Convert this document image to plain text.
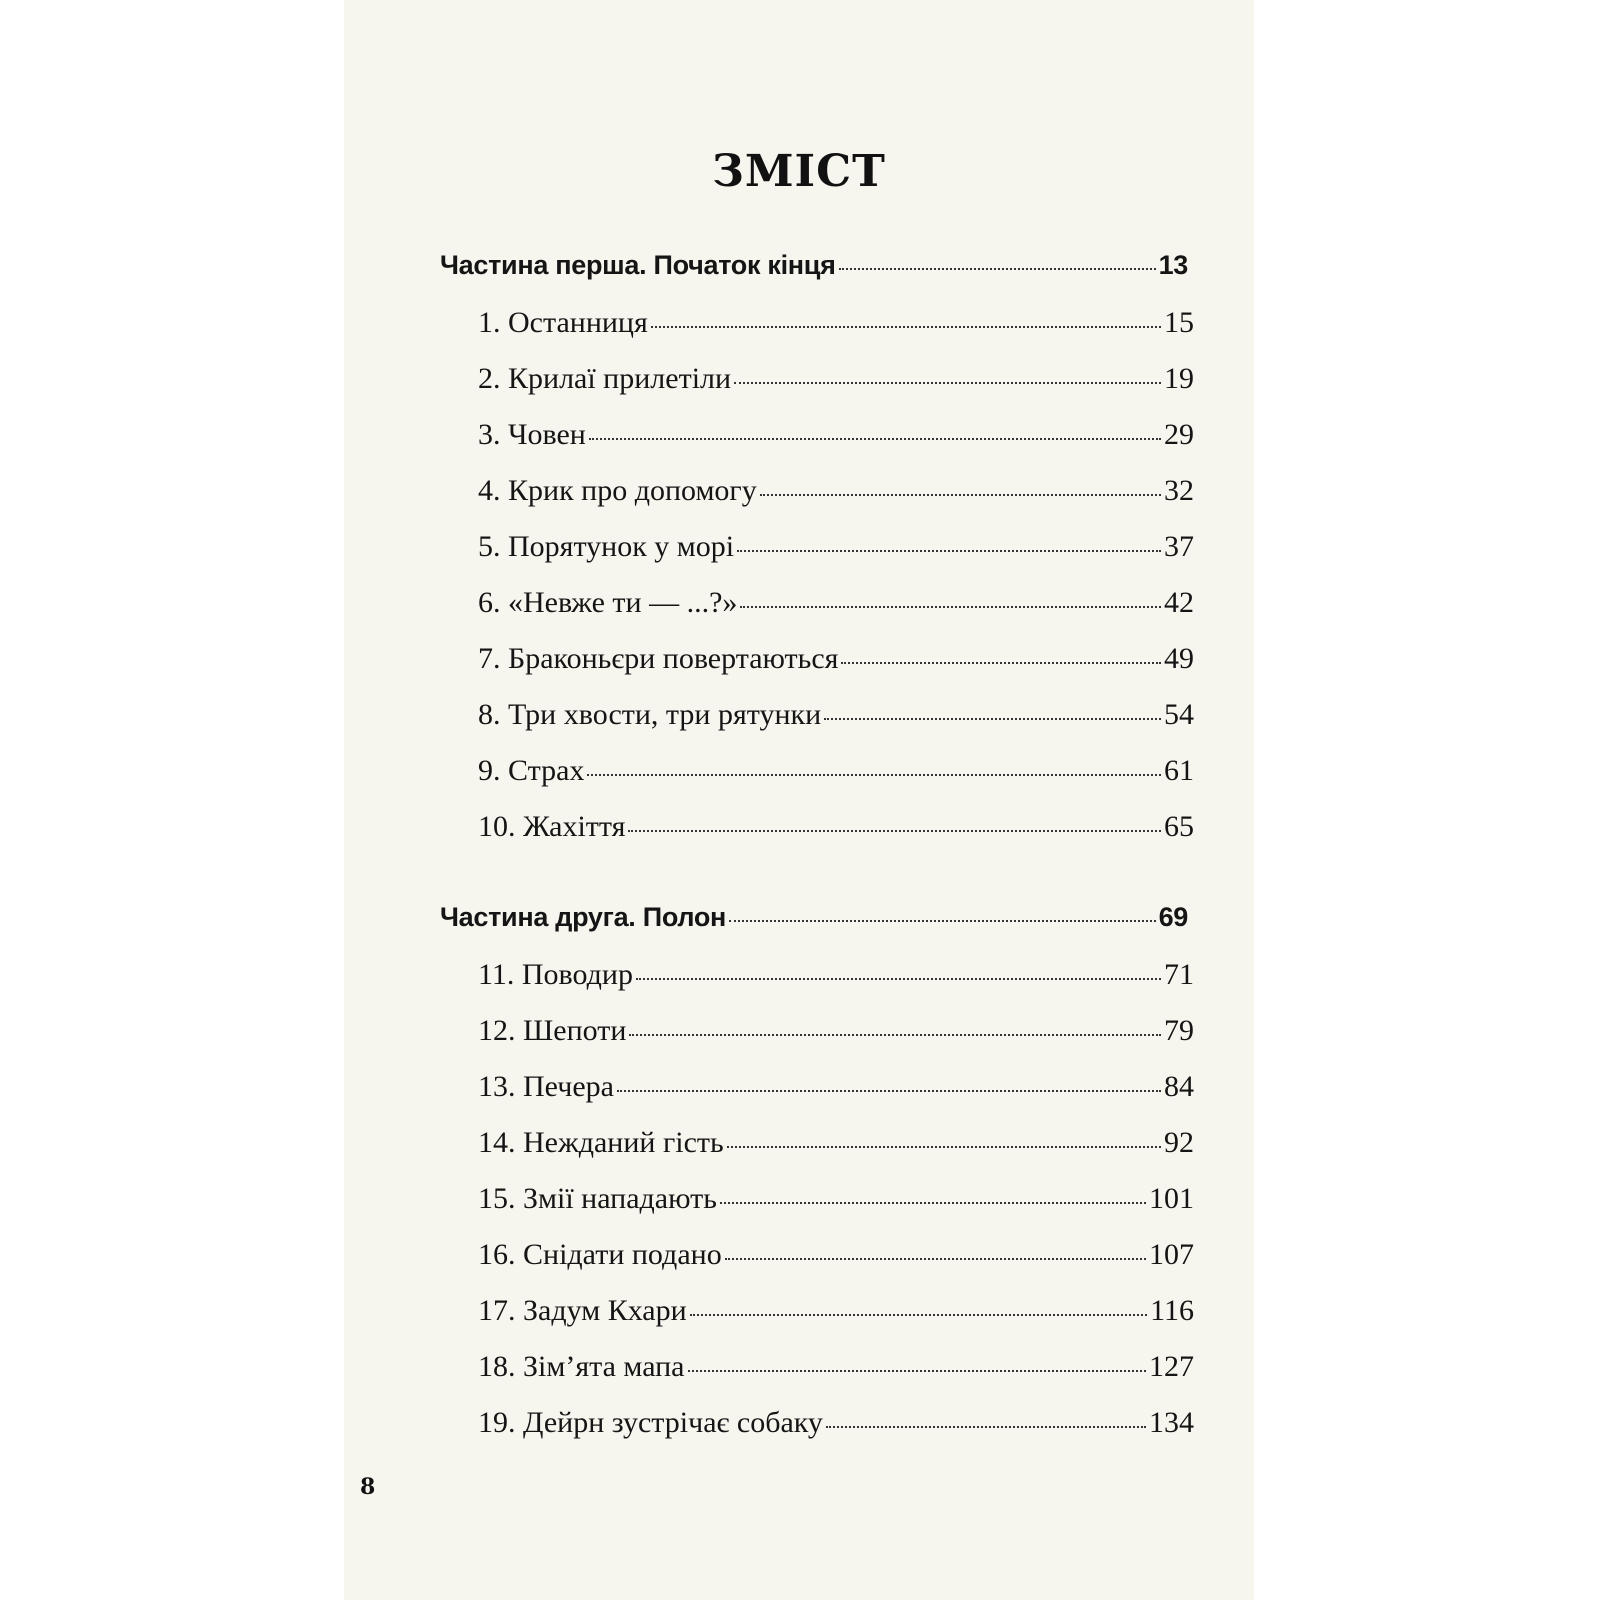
ЗМІСТ
Частина перша. Початок кінця	13
1. Останниця	15
2. Крилаї прилетіли	19
3. Човен	29
4. Крик про допомогу	32
5. Порятунок у морі	37
6. «Невже ти — ...?»	42
7. Браконьєри повертаються	49
8. Три хвости, три рятунки	54
9. Страх	61
10. Жахіття	65
Частина друга. Полон	69
11. Поводир	71
12. Шепоти	79
13. Печера	84
14. Нежданий гість	92
15. Змії нападають	101
16. Снідати подано	107
17. Задум Кхари	116
18. Зім’ята мапа	127
19. Дейрн зустрічає собаку	134
8
